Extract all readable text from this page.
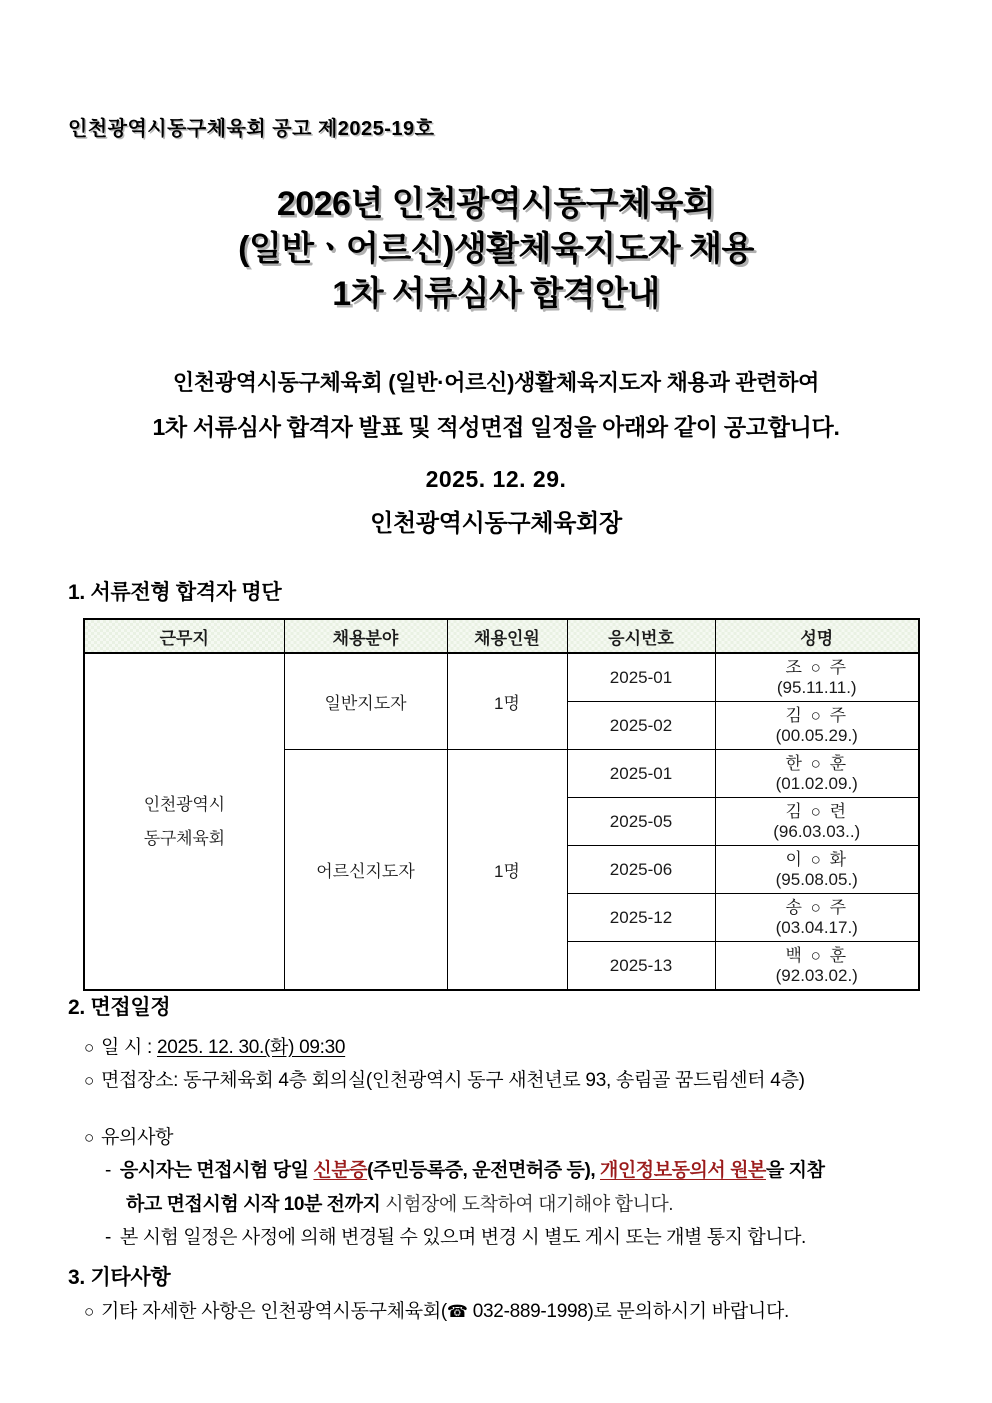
인천광역시동구체육회 공고 제2025-19호
2026년 인천광역시동구체육회
(일반ㆍ어르신)생활체육지도자 채용
1차 서류심사 합격안내
인천광역시동구체육회 (일반·어르신)생활체육지도자 채용과 관련하여
1차 서류심사 합격자 발표 및 적성면접 일정을 아래와 같이 공고합니다.
2025. 12. 29.
인천광역시동구체육회장
1. 서류전형 합격자 명단
근무지	채용분야	채용인원	응시번호	성명
인천광역시
동구체육회	일반지도자	1명	2025-01	조 ○ 주
(95.11.11.)

			2025-02	김 ○ 주
(00.05.29.)

	어르신지도자	1명	2025-01	한 ○ 훈
(01.02.09.)

			2025-05	김 ○ 련
(96.03.03..)

			2025-06	이 ○ 화
(95.08.05.)

			2025-12	송 ○ 주
(03.04.17.)

			2025-13	백 ○ 훈
(92.03.02.)
2. 면접일정
○ 일 시 : 2025. 12. 30.(화) 09:30
○ 면접장소: 동구체육회 4층 회의실(인천광역시 동구 새천년로 93, 송림골 꿈드림센터 4층)
○ 유의사항
- 응시자는 면접시험 당일 신분증(주민등록증, 운전면허증 등), 개인정보동의서 원본을 지참
하고 면접시험 시작 10분 전까지 시험장에 도착하여 대기해야 합니다.
- 본 시험 일정은 사정에 의해 변경될 수 있으며 변경 시 별도 게시 또는 개별 통지 합니다.
3. 기타사항
○ 기타 자세한 사항은 인천광역시동구체육회(☎ 032-889-1998)로 문의하시기 바랍니다.
